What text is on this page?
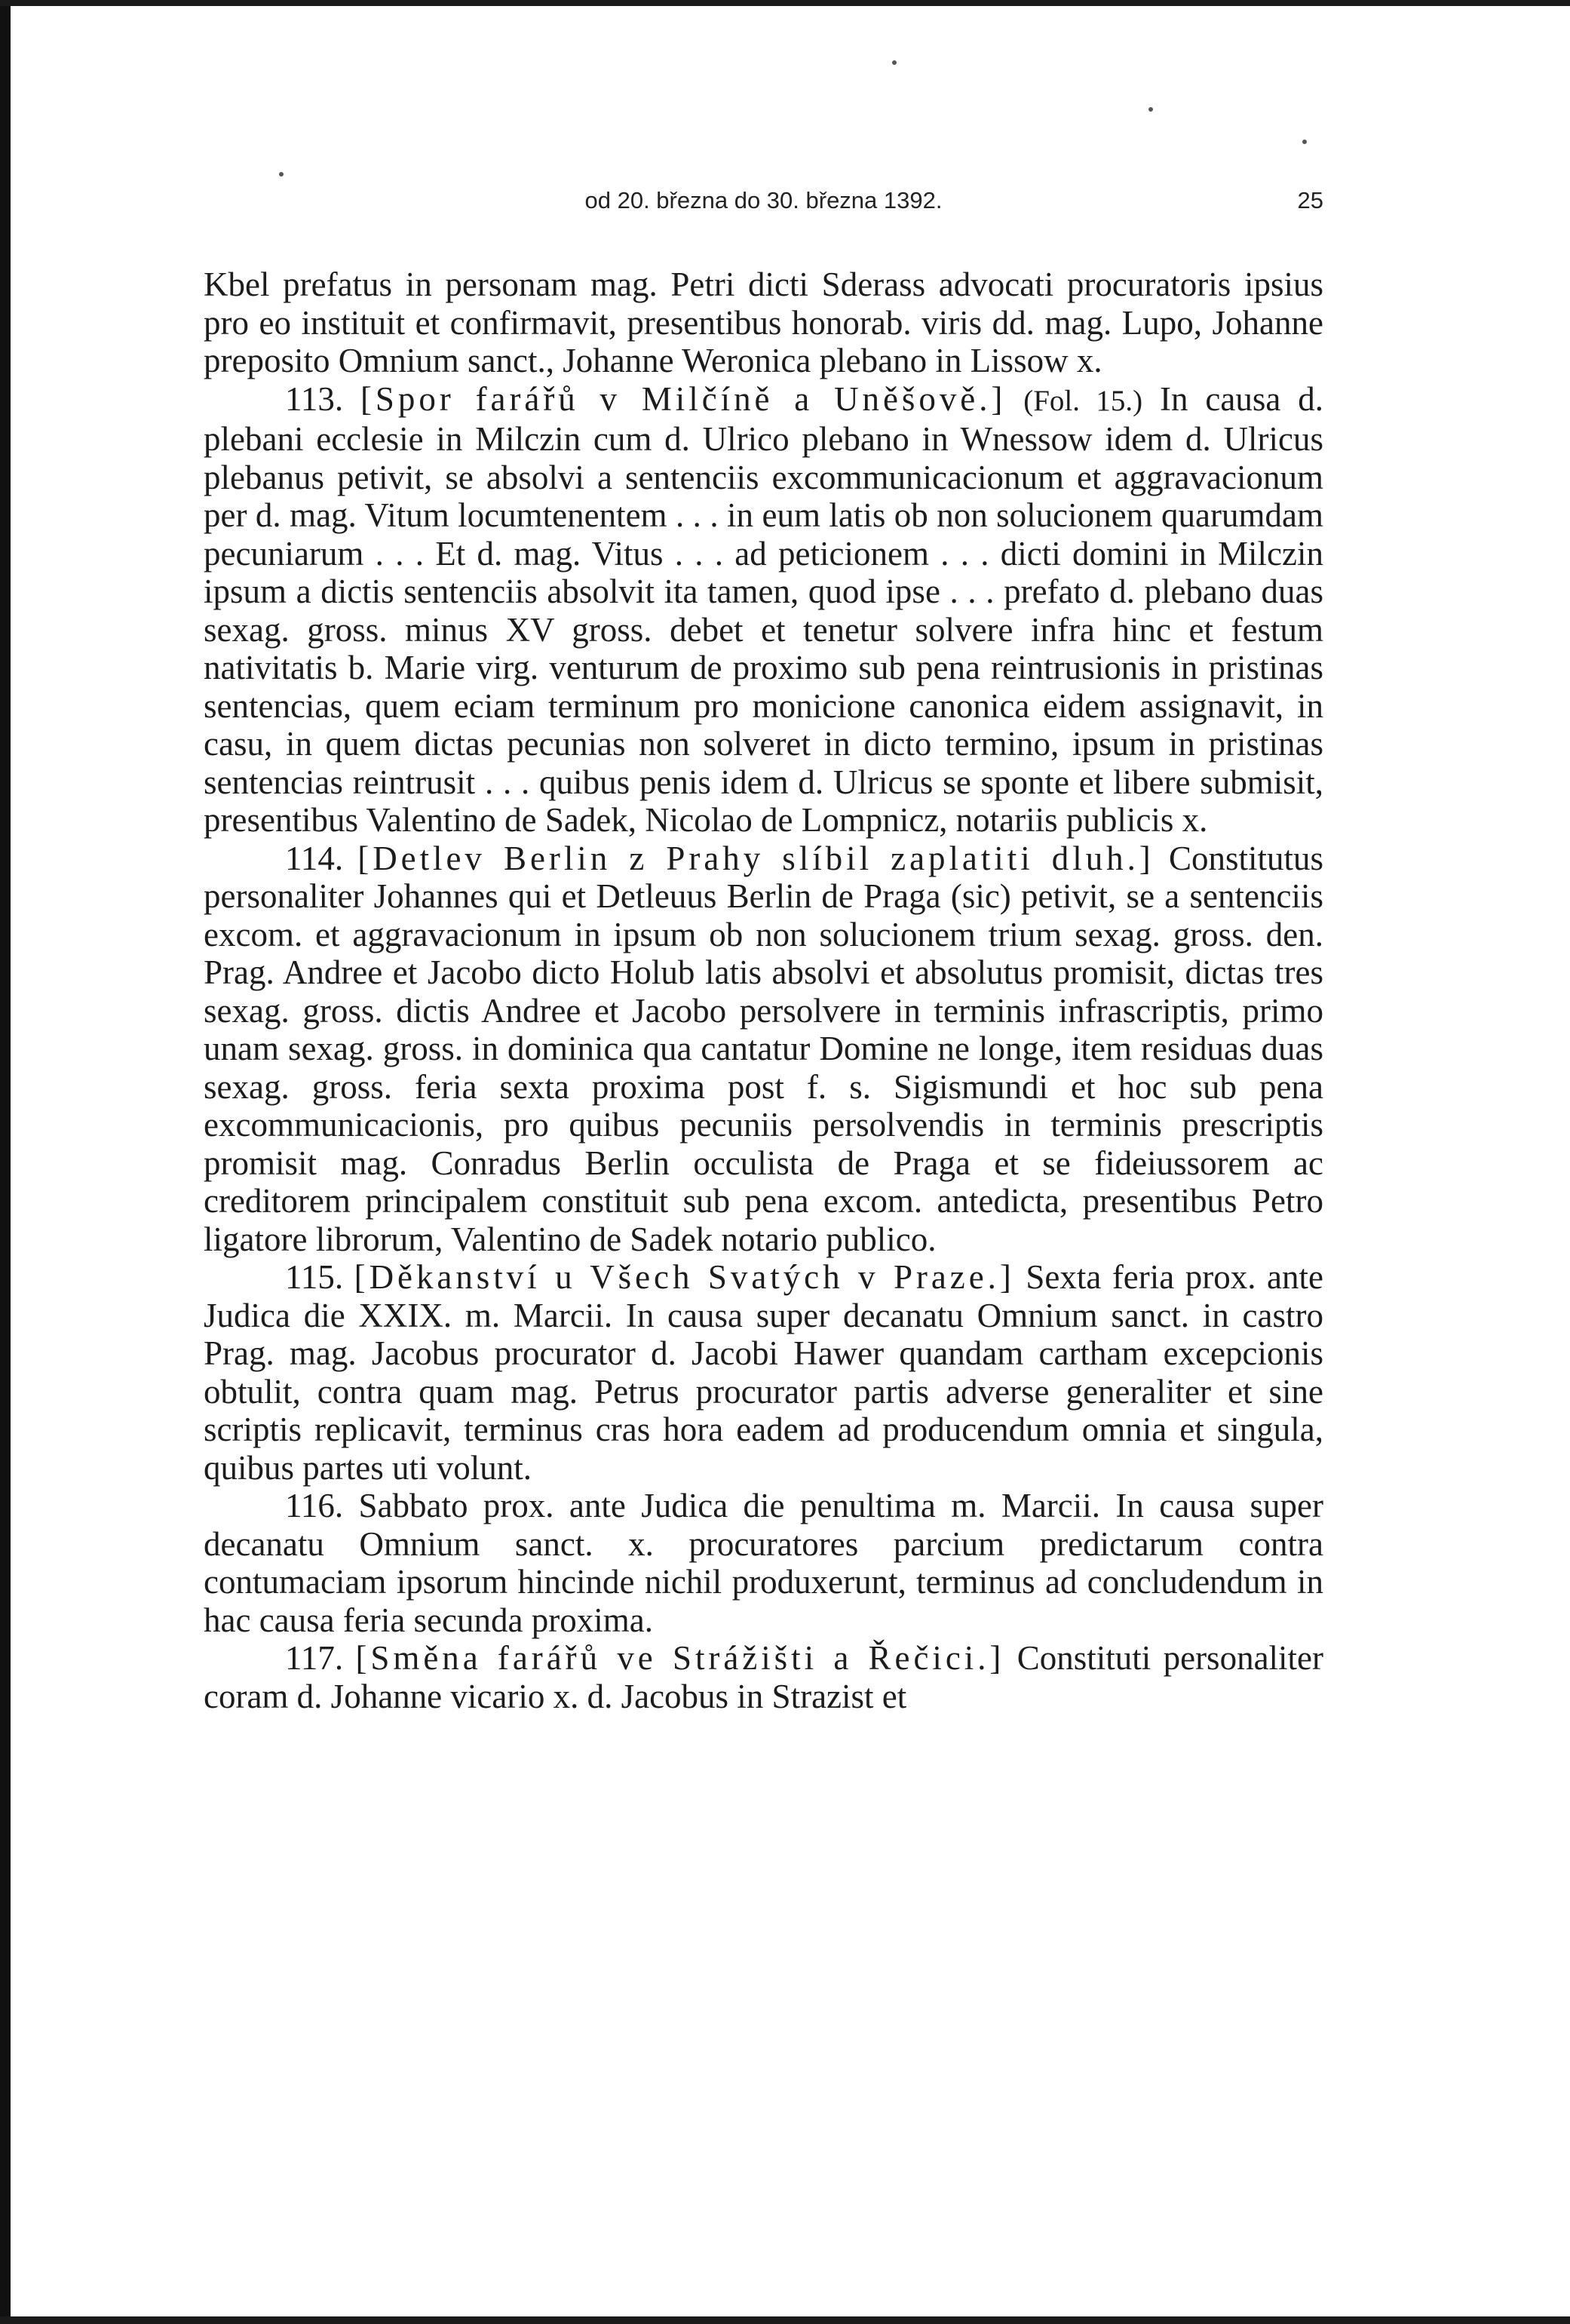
od 20. března do 30. března 1392.	25

Kbel prefatus in personam mag. Petri dicti Sderass advocati procuratoris ipsius pro eo instituit et confirmavit, presentibus honorab. viris dd. mag. Lupo, Johanne preposito Omnium sanct., Johanne Weronica plebano in Lissow x.

113. [Spor farářů v Milčíně a Uněšově.] (Fol. 15.) In causa d. plebani ecclesie in Milczin cum d. Ulrico plebano in Wnessow idem d. Ulricus plebanus petivit, se absolvi a sentenciis excommunicacionum et aggravacionum per d. mag. Vitum locumtenentem . . . in eum latis ob non solucionem quarumdam pecuniarum . . . Et d. mag. Vitus . . . ad peticionem . . . dicti domini in Milczin ipsum a dictis sentenciis absolvit ita tamen, quod ipse . . . prefato d. plebano duas sexag. gross. minus XV gross. debet et tenetur solvere infra hinc et festum nativitatis b. Marie virg. venturum de proximo sub pena reintrusionis in pristinas sentencias, quem eciam terminum pro monicione canonica eidem assignavit, in casu, in quem dictas pecunias non solveret in dicto termino, ipsum in pristinas sentencias reintrusit . . . quibus penis idem d. Ulricus se sponte et libere submisit, presentibus Valentino de Sadek, Nicolao de Lompnicz, notariis publicis x.

114. [Detlev Berlin z Prahy slíbil zaplatiti dluh.] Constitutus personaliter Johannes qui et Detleuus Berlin de Praga (sic) petivit, se a sentenciis excom. et aggravacionum in ipsum ob non solucionem trium sexag. gross. den. Prag. Andree et Jacobo dicto Holub latis absolvi et absolutus promisit, dictas tres sexag. gross. dictis Andree et Jacobo persolvere in terminis infrascriptis, primo unam sexag. gross. in dominica qua cantatur Domine ne longe, item residuas duas sexag. gross. feria sexta proxima post f. s. Sigismundi et hoc sub pena excommunicacionis, pro quibus pecuniis persolvendis in terminis prescriptis promisit mag. Conradus Berlin occulista de Praga et se fideiussorem ac creditorem principalem constituit sub pena excom. antedicta, presentibus Petro ligatore librorum, Valentino de Sadek notario publico.

115. [Děkanství u Všech Svatých v Praze.] Sexta feria prox. ante Judica die XXIX. m. Marcii. In causa super decanatu Omnium sanct. in castro Prag. mag. Jacobus procurator d. Jacobi Hawer quandam cartham excepcionis obtulit, contra quam mag. Petrus procurator partis adverse generaliter et sine scriptis replicavit, terminus cras hora eadem ad producendum omnia et singula, quibus partes uti volunt.

116. Sabbato prox. ante Judica die penultima m. Marcii. In causa super decanatu Omnium sanct. x. procuratores parcium predictarum contra contumaciam ipsorum hincinde nichil produxerunt, terminus ad concludendum in hac causa feria secunda proxima.

117. [Směna farářů ve Strážišti a Řečici.] Constituti personaliter coram d. Johanne vicario x. d. Jacobus in Strazist et
